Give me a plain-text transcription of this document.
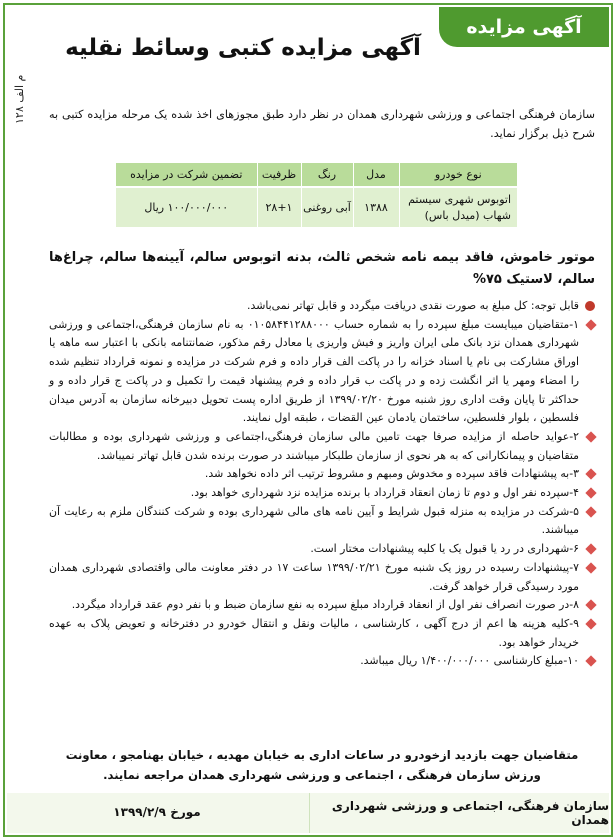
آگهی مزایده
آگهی مزایده کتبی وسائط نقلیه
م الف ۱۲۸
سازمان فرهنگی اجتماعی و ورزشی شهرداری همدان در نظر دارد طبق مجوزهای اخذ شده یک مرحله مزایده کتبی به شرح ذیل برگزار نماید.
نوع خودرو	مدل	رنگ	ظرفیت	تضمین شرکت در مزایده
اتوبوس شهری سیستم شهاب (میدل باس)	۱۳۸۸	آبی روغنی	۲۸+۱	۱۰۰/۰۰۰/۰۰۰ ریال
موتور خاموش، فاقد بیمه نامه شخص ثالث، بدنه اتوبوس سالم، آیینه‌ها سالم، چراغ‌ها سالم، لاستیک ۷۵%
قابل توجه: کل مبلغ به صورت نقدی دریافت میگردد و قابل تهاتر نمی‌باشد.
۱-متقاضیان میبایست مبلغ سپرده را به شماره حساب ۰۱۰۵۸۴۴۱۲۸۸۰۰۰ به نام سازمان فرهنگی،اجتماعی و ورزشی شهرداری همدان نزد بانک ملی ایران واریز و فیش واریزی یا معادل رقم مذکور، ضمانتنامه بانکی با اعتبار سه ماهه یا اوراق مشارکت بی نام یا اسناد خزانه را در پاکت الف قرار داده و فرم شرکت در مزایده و نمونه قرارداد تنظیم شده را امضاء ومهر یا اثر انگشت زده و در پاکت ب قرار داده و فرم پیشنهاد قیمت را تکمیل و در پاکت ج قرار داده و و حداکثر تا پایان وقت اداری روز شنبه مورخ ۱۳۹۹/۰۲/۲۰ از طریق اداره پست تحویل دبیرخانه سازمان به آدرس میدان فلسطین ، بلوار فلسطین، ساختمان یادمان عین القضات ، طبقه اول نمایند.
۲-عواید حاصله از مزایده صرفا جهت تامین مالی سازمان فرهنگی،اجتماعی و ورزشی شهرداری بوده و مطالبات متقاضیان و پیمانکارانی که به هر نحوی از سازمان طلبکار میباشند در صورت برنده شدن قابل تهاتر نمیباشد.
۳-به پیشنهادات فاقد سپرده و مخدوش ومبهم و مشروط ترتیب اثر داده نخواهد شد.
۴-سپرده نفر اول و دوم تا زمان انعقاد قرارداد با برنده مزایده نزد شهرداری خواهد بود.
۵-شرکت در مزایده به منزله قبول شرایط و آیین نامه های مالی شهرداری بوده و شرکت کنندگان ملزم به رعایت آن میباشند.
۶-شهرداری در رد یا قبول یک یا کلیه پیشنهادات مختار است.
۷-پیشنهادات رسیده در روز یک شنبه مورخ ۱۳۹۹/۰۲/۲۱ ساعت ۱۷ در دفتر معاونت مالی واقتصادی شهرداری همدان مورد رسیدگی قرار خواهد گرفت.
۸-در صورت انصراف نفر اول از انعقاد قرارداد مبلغ سپرده به نفع سازمان ضبط و با نفر دوم عقد قرارداد میگردد.
۹-کلیه هزینه ها اعم از درج آگهی ، کارشناسی ، مالیات ونقل و انتقال خودرو در دفترخانه و تعویض پلاک به عهده خریدار خواهد بود.
۱۰-مبلغ کارشناسی ۱/۴۰۰/۰۰۰/۰۰۰ ریال میباشد.
متقاضیان جهت بازدید ازخودرو در ساعات اداری به خیابان مهدیه ، خیابان بهنامجو ، معاونت ورزش سازمان فرهنگی ، اجتماعی و ورزشی شهرداری همدان مراجعه نمایند.
سازمان فرهنگی، اجتماعی و ورزشی شهرداری همدان
مورخ ۱۳۹۹/۲/۹
